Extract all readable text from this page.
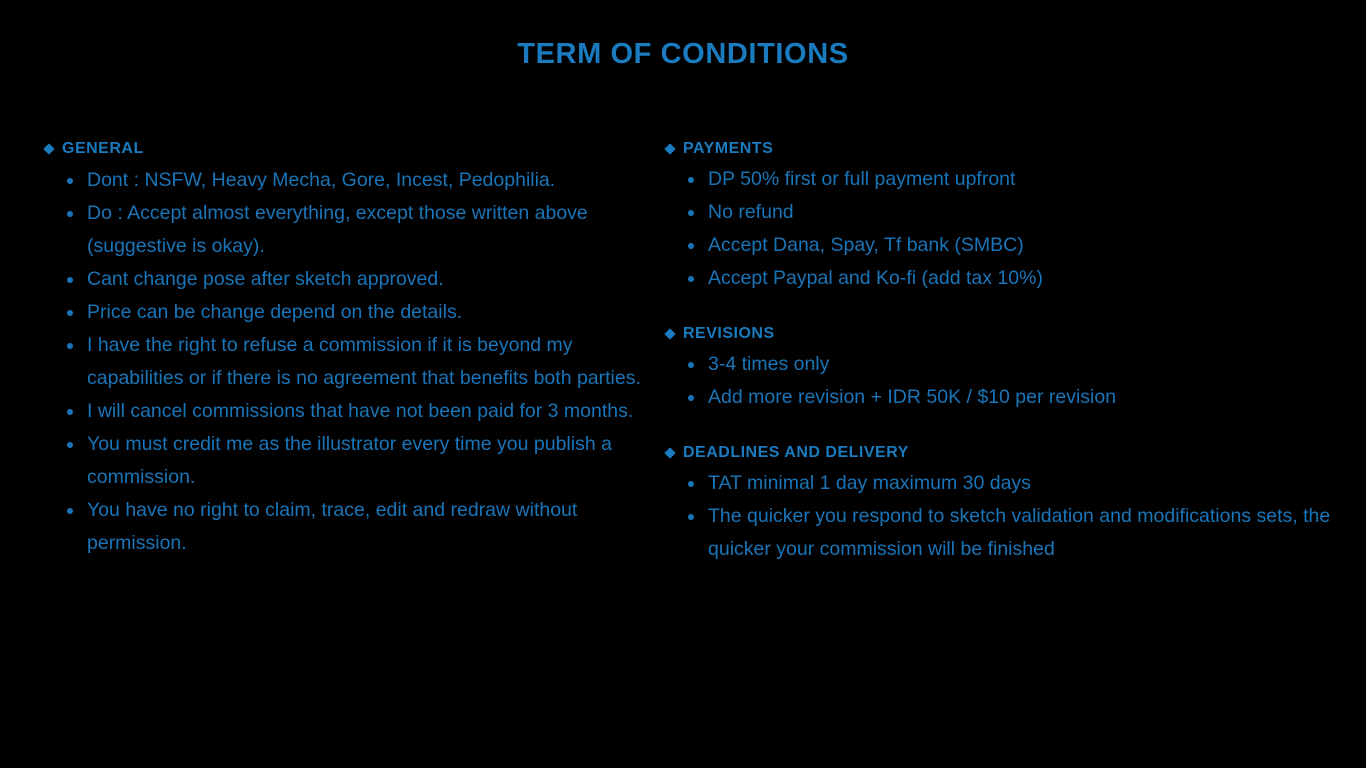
TERM OF CONDITIONS
GENERAL
Dont : NSFW, Heavy Mecha, Gore, Incest, Pedophilia.
Do : Accept almost everything, except those written above (suggestive is okay).
Cant change pose after sketch approved.
Price can be change depend on the details.
I have the right to refuse a commission if it is beyond my capabilities or if there is no agreement that benefits both parties.
I will cancel commissions that have not been paid for 3 months.
You must credit me as the illustrator every time you publish a commission.
You have no right to claim, trace, edit and redraw without permission.
PAYMENTS
DP 50% first or full payment upfront
No refund
Accept Dana, Spay, Tf bank (SMBC)
Accept Paypal and Ko-fi (add tax 10%)
REVISIONS
3-4 times only
Add more revision + IDR 50K / $10 per revision
DEADLINES AND DELIVERY
TAT minimal 1 day maximum 30 days
The quicker you respond to sketch validation and modifications sets, the quicker your commission will be finished
